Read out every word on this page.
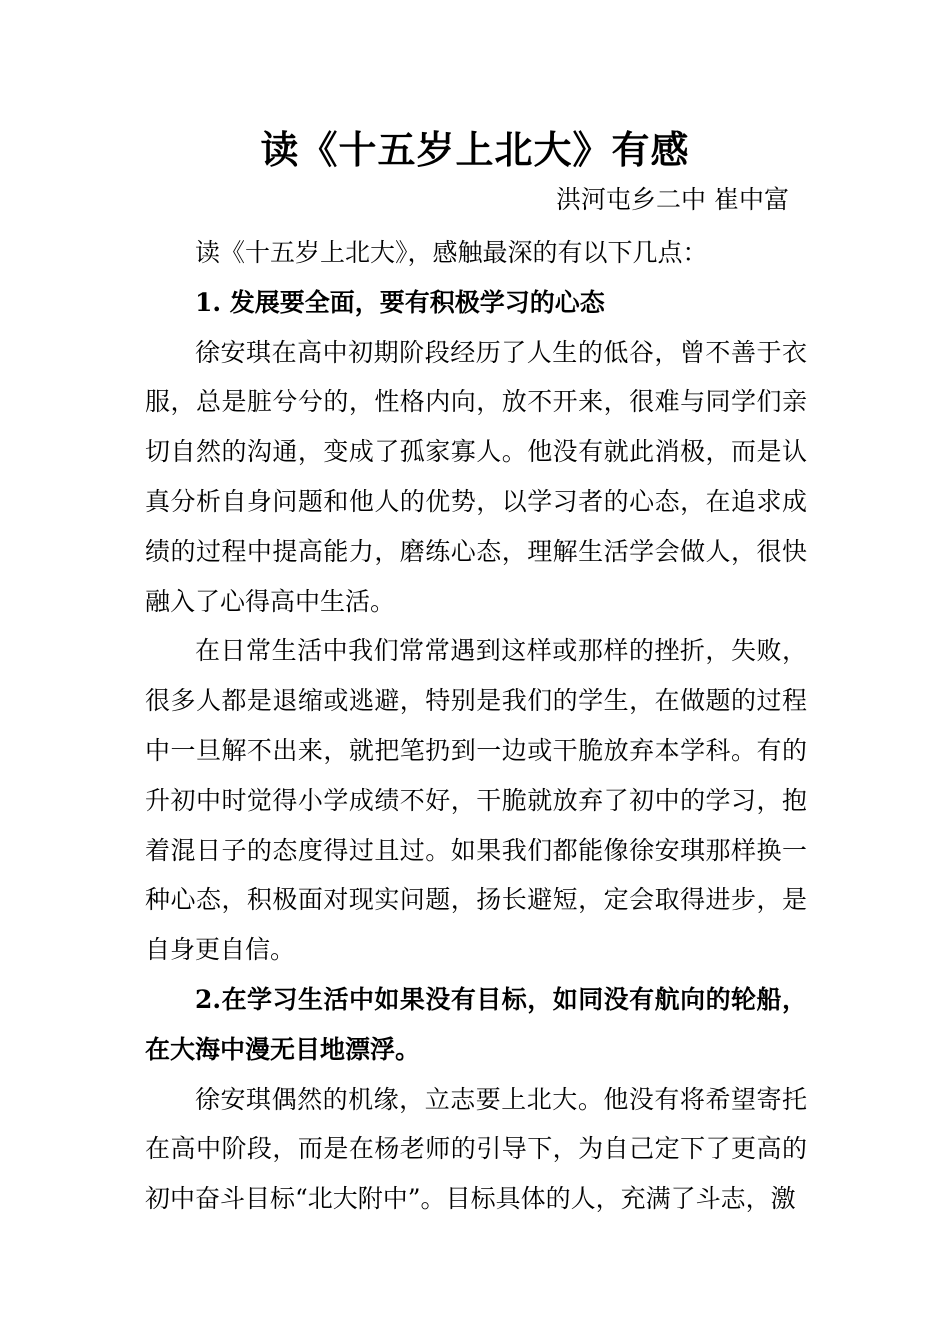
读《十五岁上北大》有感
洪河屯乡二中 崔中富

读《十五岁上北大》，感触最深的有以下几点：

1. 发展要全面，要有积极学习的心态

徐安琪在高中初期阶段经历了人生的低谷，曾不善于衣服，总是脏兮兮的，性格内向，放不开来，很难与同学们亲切自然的沟通，变成了孤家寡人。他没有就此消极，而是认真分析自身问题和他人的优势，以学习者的心态，在追求成绩的过程中提高能力，磨练心态，理解生活学会做人，很快融入了心得高中生活。

在日常生活中我们常常遇到这样或那样的挫折，失败，很多人都是退缩或逃避，特别是我们的学生，在做题的过程中一旦解不出来，就把笔扔到一边或干脆放弃本学科。有的升初中时觉得小学成绩不好，干脆就放弃了初中的学习，抱着混日子的态度得过且过。如果我们都能像徐安琪那样换一种心态，积极面对现实问题，扬长避短，定会取得进步，是自身更自信。

2.在学习生活中如果没有目标，如同没有航向的轮船，在大海中漫无目地漂浮。

徐安琪偶然的机缘，立志要上北大。他没有将希望寄托在高中阶段，而是在杨老师的引导下，为自己定下了更高的初中奋斗目标“北大附中”。目标具体的人，充满了斗志，激
